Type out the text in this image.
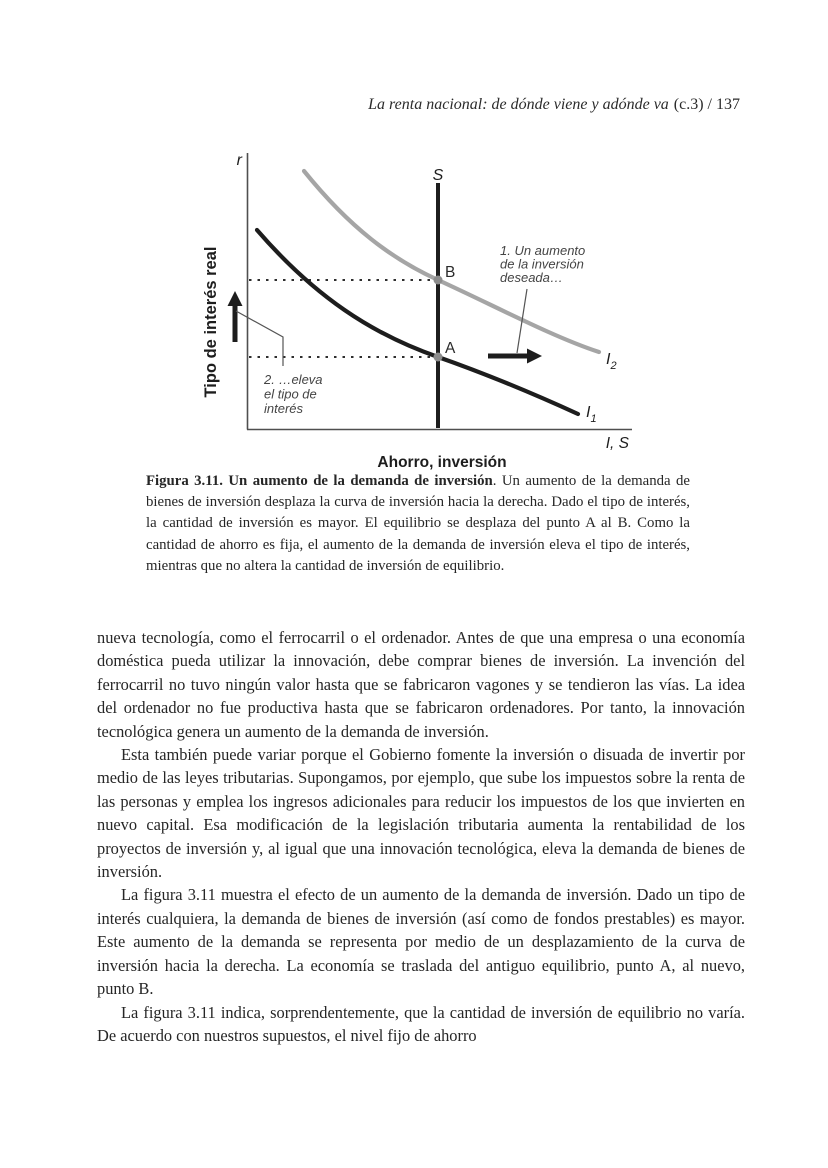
La renta nacional: de dónde viene y adónde va (c.3) / 137
r
S
I, S
$I_1$
$I_2$
B
A
Ahorro, inversión
Tipo de interés real	1. Un aumento
de la inversión
deseada…
2. …eleva
el tipo de
interés

Figura 3.11. Un aumento de la demanda de inversión. Un aumento de la demanda de bienes de inversión desplaza la curva de inversión hacia la derecha. Dado el tipo de interés, la cantidad de inversión es mayor. El equilibrio se desplaza del punto A al B. Como la cantidad de ahorro es fija, el aumento de la demanda de inversión eleva el tipo de interés, mientras que no altera la cantidad de inversión de equilibrio.

nueva tecnología, como el ferrocarril o el ordenador. Antes de que una empresa o una economía doméstica pueda utilizar la innovación, debe comprar bienes de inversión. La invención del ferrocarril no tuvo ningún valor hasta que se fabricaron vagones y se tendieron las vías. La idea del ordenador no fue productiva hasta que se fabricaron ordenadores. Por tanto, la innovación tecnológica genera un aumento de la demanda de inversión.

Esta también puede variar porque el Gobierno fomente la inversión o disuada de invertir por medio de las leyes tributarias. Supongamos, por ejemplo, que sube los impuestos sobre la renta de las personas y emplea los ingresos adicionales para reducir los impuestos de los que invierten en nuevo capital. Esa modificación de la legislación tributaria aumenta la rentabilidad de los proyectos de inversión y, al igual que una innovación tecnológica, eleva la demanda de bienes de inversión.

La figura 3.11 muestra el efecto de un aumento de la demanda de inversión. Dado un tipo de interés cualquiera, la demanda de bienes de inversión (así como de fondos prestables) es mayor. Este aumento de la demanda se representa por medio de un desplazamiento de la curva de inversión hacia la derecha. La economía se traslada del antiguo equilibrio, punto A, al nuevo, punto B.

La figura 3.11 indica, sorprendentemente, que la cantidad de inversión de equilibrio no varía. De acuerdo con nuestros supuestos, el nivel fijo de ahorro
